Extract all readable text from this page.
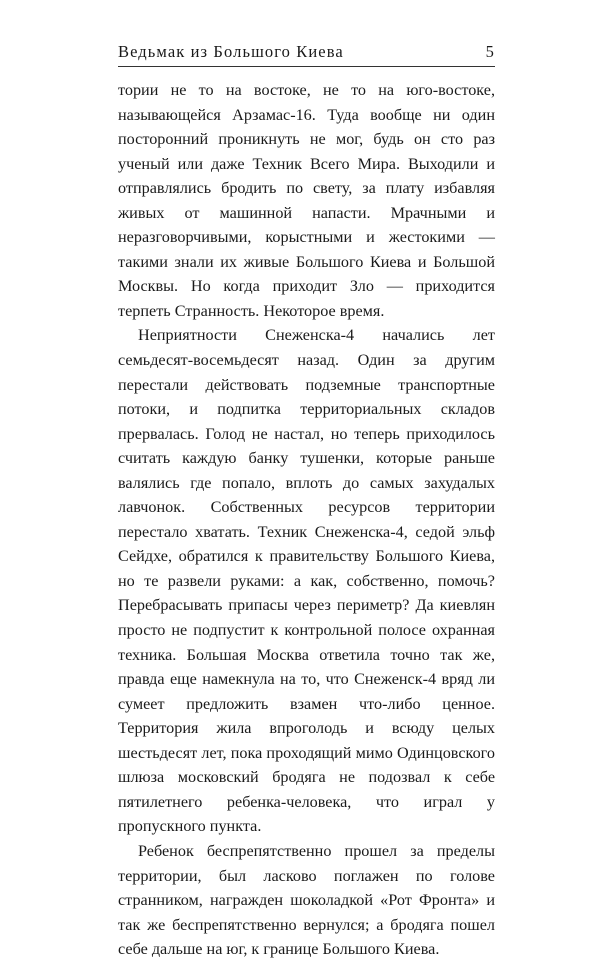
Ведьмак из Большого Киева	5

тории не то на востоке, не то на юго-востоке, называющейся Арзамас-16. Туда вообще ни один посторонний проникнуть не мог, будь он сто раз ученый или даже Техник Всего Мира. Выходили и отправлялись бродить по свету, за плату избавляя живых от машинной напасти. Мрачными и неразговорчивыми, корыстными и жестокими — такими знали их живые Большого Киева и Большой Москвы. Но когда приходит Зло — приходится терпеть Странность. Некоторое время.

Неприятности Снеженска-4 начались лет семьдесят-восемьдесят назад. Один за другим перестали действовать подземные транспортные потоки, и подпитка территориальных складов прервалась. Голод не настал, но теперь приходилось считать каждую банку тушенки, которые раньше валялись где попало, вплоть до самых захудалых лавчонок. Собственных ресурсов территории перестало хватать. Техник Снеженска-4, седой эльф Сейдхе, обратился к правительству Большого Киева, но те развели руками: а как, собственно, помочь? Перебрасывать припасы через периметр? Да киевлян просто не подпустит к контрольной полосе охранная техника. Большая Москва ответила точно так же, правда еще намекнула на то, что Снеженск-4 вряд ли сумеет предложить взамен что-либо ценное. Территория жила впроголодь и всюду целых шестьдесят лет, пока проходящий мимо Одинцовского шлюза московский бродяга не подозвал к себе пятилетнего ребенка-человека, что играл у пропускного пункта.

Ребенок беспрепятственно прошел за пределы территории, был ласково поглажен по голове странником, награжден шоколадкой «Рот Фронта» и так же беспрепятственно вернулся; а бродяга пошел себе дальше на юг, к границе Большого Киева.
